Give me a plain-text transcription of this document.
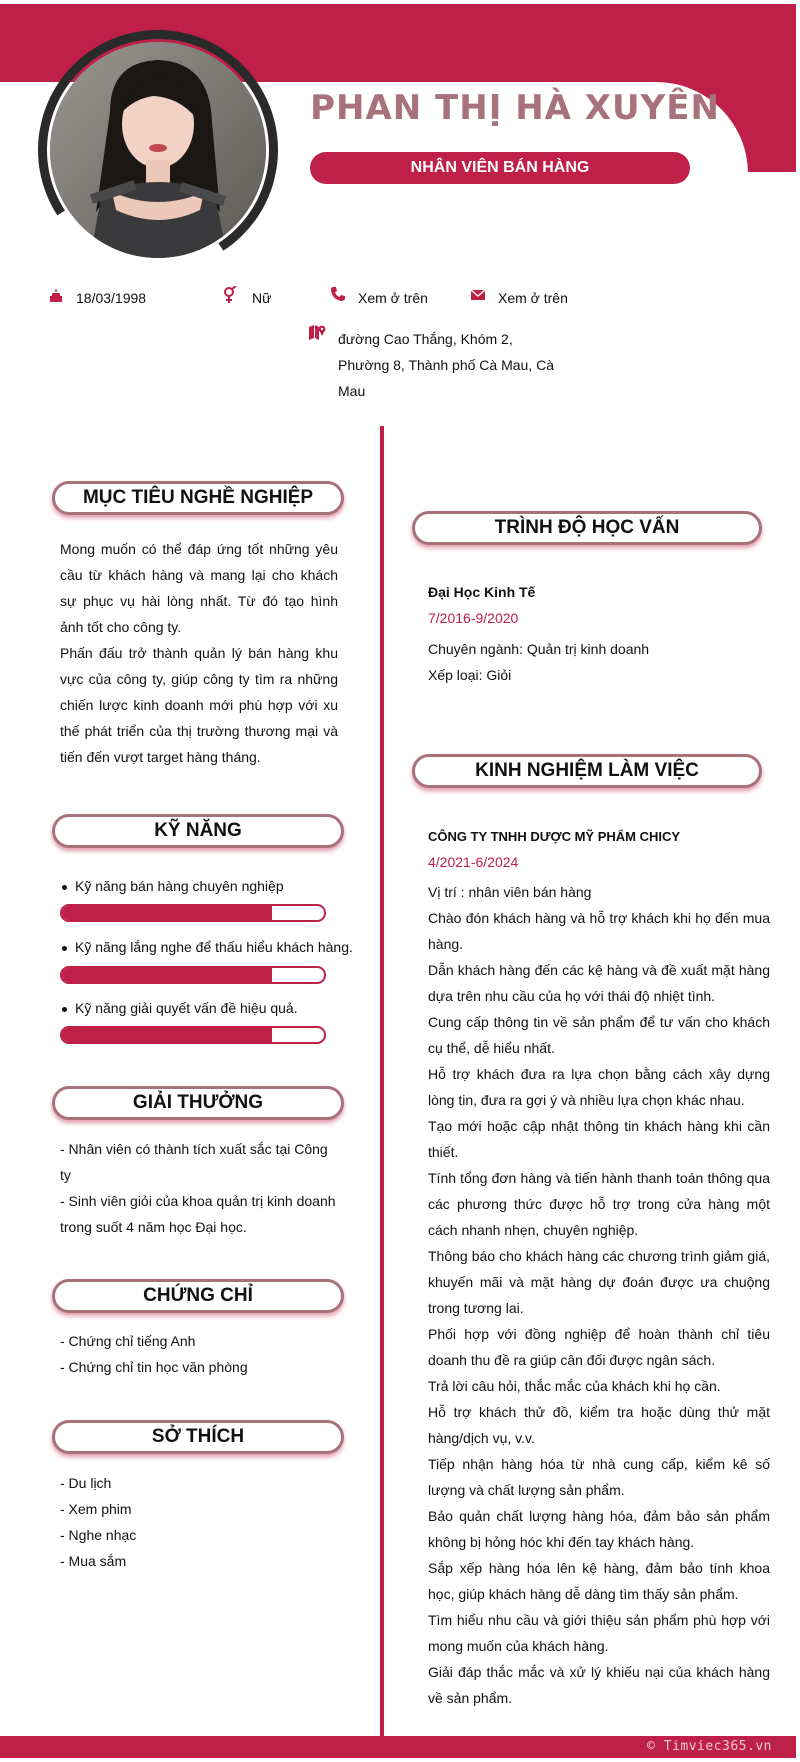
PHAN THỊ HÀ XUYÊN
NHÂN VIÊN BÁN HÀNG
18/03/1998	Nữ	Xem ở trên	Xem ở trên
đường Cao Thắng, Khóm 2, Phường 8, Thành phố Cà Mau, Cà Mau
MỤC TIÊU NGHỀ NGHIỆP

Mong muốn có thể đáp ứng tốt những yêu cầu từ khách hàng và mang lại cho khách sự phục vụ hài lòng nhất. Từ đó tạo hình ảnh tốt cho công ty.

Phấn đấu trở thành quản lý bán hàng khu vực của công ty, giúp công ty tìm ra những chiến lược kinh doanh mới phù hợp với xu thế phát triển của thị trường thương mại và tiến đến vượt target hàng tháng.

KỸ NĂNG
Kỹ năng bán hàng chuyên nghiệp
Kỹ năng lắng nghe để thấu hiểu khách hàng.
Kỹ năng giải quyết vấn đề hiệu quả.
GIẢI THƯỞNG

- Nhân viên có thành tích xuất sắc tại Công ty

- Sinh viên giỏi của khoa quản trị kinh doanh trong suốt 4 năm học Đại học.

CHỨNG CHỈ

- Chứng chỉ tiếng Anh

- Chứng chỉ tin học văn phòng

SỞ THÍCH

- Du lịch

- Xem phim

- Nghe nhạc

- Mua sắm

TRÌNH ĐỘ HỌC VẤN
Đại Học Kinh Tế
7/2016-9/2020

Chuyên ngành: Quản trị kinh doanh

Xếp loại: Giỏi

KINH NGHIỆM LÀM VIỆC
CÔNG TY TNHH DƯỢC MỸ PHẨM CHICY
4/2021-6/2024

Vị trí : nhân viên bán hàng

Chào đón khách hàng và hỗ trợ khách khi họ đến mua hàng.

Dẫn khách hàng đến các kệ hàng và đề xuất mặt hàng dựa trên nhu cầu của họ với thái độ nhiệt tình.

Cung cấp thông tin về sản phẩm để tư vấn cho khách cụ thể, dễ hiểu nhất.

Hỗ trợ khách đưa ra lựa chọn bằng cách xây dựng lòng tin, đưa ra gợi ý và nhiều lựa chọn khác nhau.

Tạo mới hoặc cập nhật thông tin khách hàng khi cần thiết.

Tính tổng đơn hàng và tiến hành thanh toán thông qua các phương thức được hỗ trợ trong cửa hàng một cách nhanh nhẹn, chuyên nghiệp.

Thông báo cho khách hàng các chương trình giảm giá, khuyến mãi và mặt hàng dự đoán được ưa chuộng trong tương lai.

Phối hợp với đồng nghiệp để hoàn thành chỉ tiêu doanh thu đề ra giúp cân đối được ngân sách.

Trả lời câu hỏi, thắc mắc của khách khi họ cần.

Hỗ trợ khách thử đồ, kiểm tra hoặc dùng thử mặt hàng/dịch vụ, v.v.

Tiếp nhận hàng hóa từ nhà cung cấp, kiểm kê số lượng và chất lượng sản phẩm.

Bảo quản chất lượng hàng hóa, đảm bảo sản phẩm không bị hỏng hóc khi đến tay khách hàng.

Sắp xếp hàng hóa lên kệ hàng, đảm bảo tính khoa học, giúp khách hàng dễ dàng tìm thấy sản phẩm.

Tìm hiểu nhu cầu và giới thiệu sản phẩm phù hợp với mong muốn của khách hàng.

Giải đáp thắc mắc và xử lý khiếu nại của khách hàng về sản phẩm.

© Timviec365.vn
